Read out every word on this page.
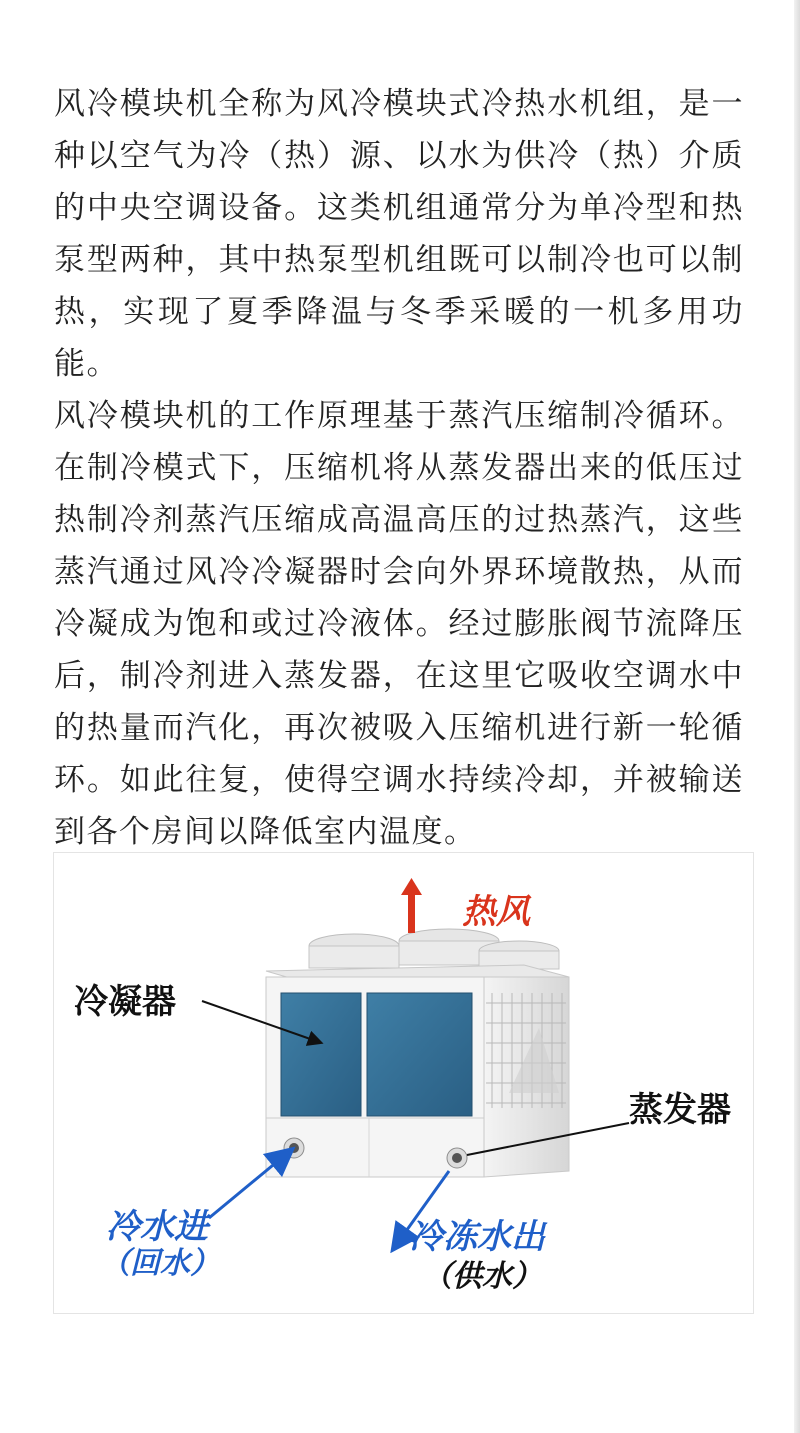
风冷模块机全称为风冷模块式冷热水机组，是一种以空气为冷（热）源、以水为供冷（热）介质的中央空调设备。这类机组通常分为单冷型和热泵型两种，其中热泵型机组既可以制冷也可以制热，实现了夏季降温与冬季采暖的一机多用功能。

风冷模块机的工作原理基于蒸汽压缩制冷循环。在制冷模式下，压缩机将从蒸发器出来的低压过热制冷剂蒸汽压缩成高温高压的过热蒸汽，这些蒸汽通过风冷冷凝器时会向外界环境散热，从而冷凝成为饱和或过冷液体。经过膨胀阀节流降压后，制冷剂进入蒸发器，在这里它吸收空调水中的热量而汽化，再次被吸入压缩机进行新一轮循环。如此往复，使得空调水持续冷却，并被输送到各个房间以降低室内温度。

热风
冷凝器
蒸发器
冷水进
（回水）
冷冻水出
（供水）
